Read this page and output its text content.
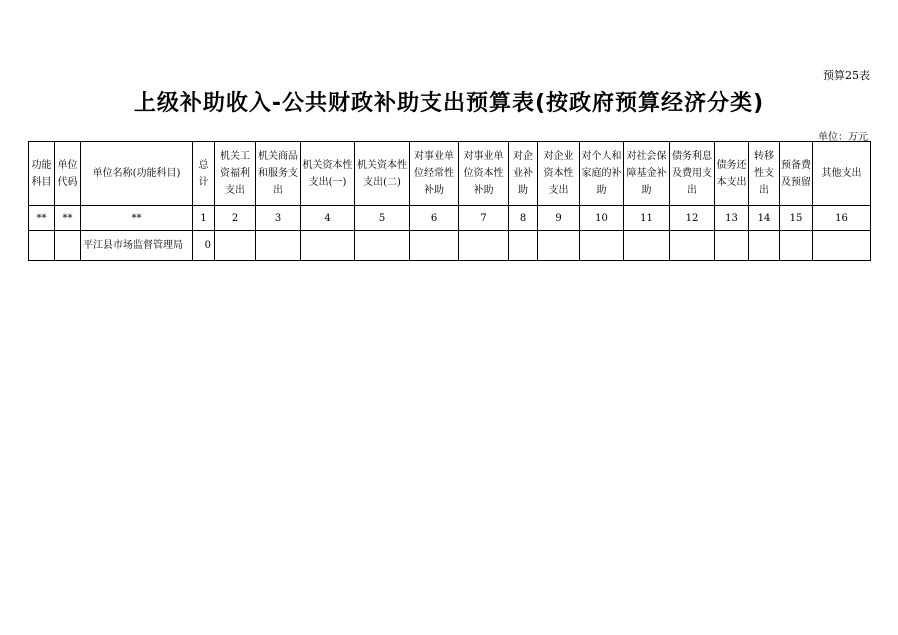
预算25表
上级补助收入-公共财政补助支出预算表(按政府预算经济分类)
单位：万元
功能科目	单位代码	单位名称(功能科目)	总计	机关工资福利支出	机关商品和服务支出	机关资本性支出(一)	机关资本性支出(二)	对事业单位经常性补助	对事业单位资本性补助	对企业补助	对企业资本性支出	对个人和家庭的补助	对社会保障基金补助	债务利息及费用支出	债务还本支出	转移性支出	预备费及预留	其他支出
**	**	**	1	2	3	4	5	6	7	8	9	10	11	12	13	14	15	16
		平江县市场监督管理局	0															
